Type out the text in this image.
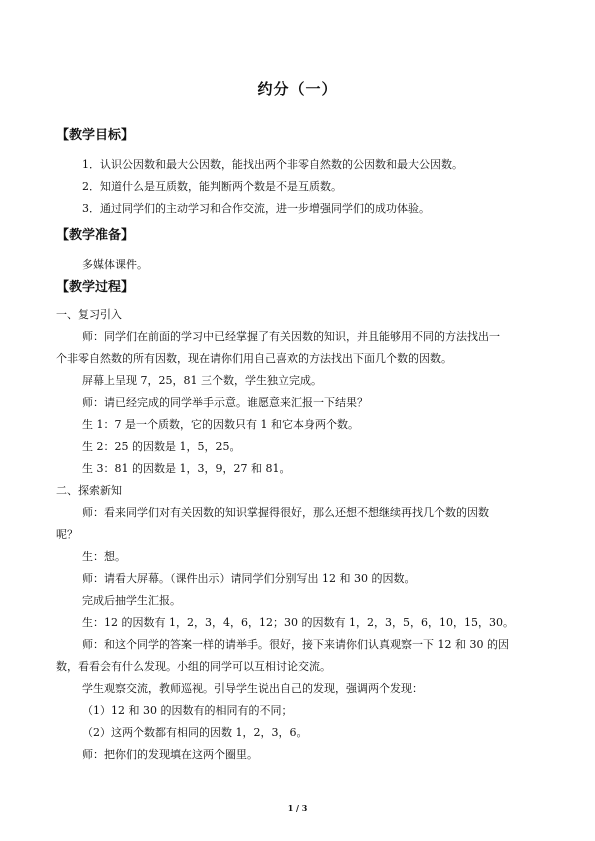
约分（一）
【教学目标】
1．认识公因数和最大公因数，能找出两个非零自然数的公因数和最大公因数。
2．知道什么是互质数，能判断两个数是不是互质数。
3．通过同学们的主动学习和合作交流，进一步增强同学们的成功体验。
【教学准备】
多媒体课件。
【教学过程】
一、复习引入
师：同学们在前面的学习中已经掌握了有关因数的知识，并且能够用不同的方法找出一
个非零自然数的所有因数，现在请你们用自己喜欢的方法找出下面几个数的因数。
屏幕上呈现 7，25，81 三个数，学生独立完成。
师：请已经完成的同学举手示意。谁愿意来汇报一下结果？
生 1：7 是一个质数，它的因数只有 1 和它本身两个数。
生 2：25 的因数是 1，5，25。
生 3：81 的因数是 1，3，9，27 和 81。
二、探索新知
师：看来同学们对有关因数的知识掌握得很好，那么还想不想继续再找几个数的因数
呢？
生：想。
师：请看大屏幕。（课件出示）请同学们分别写出 12 和 30 的因数。
完成后抽学生汇报。
生：12 的因数有 1，2，3，4，6，12；30 的因数有 1，2，3，5，6，10，15，30。
师：和这个同学的答案一样的请举手。很好，接下来请你们认真观察一下 12 和 30 的因
数，看看会有什么发现。小组的同学可以互相讨论交流。
学生观察交流，教师巡视。引导学生说出自己的发现，强调两个发现：
（1）12 和 30 的因数有的相同有的不同；
（2）这两个数都有相同的因数 1，2，3，6。
师：把你们的发现填在这两个圈里。
1 / 3
